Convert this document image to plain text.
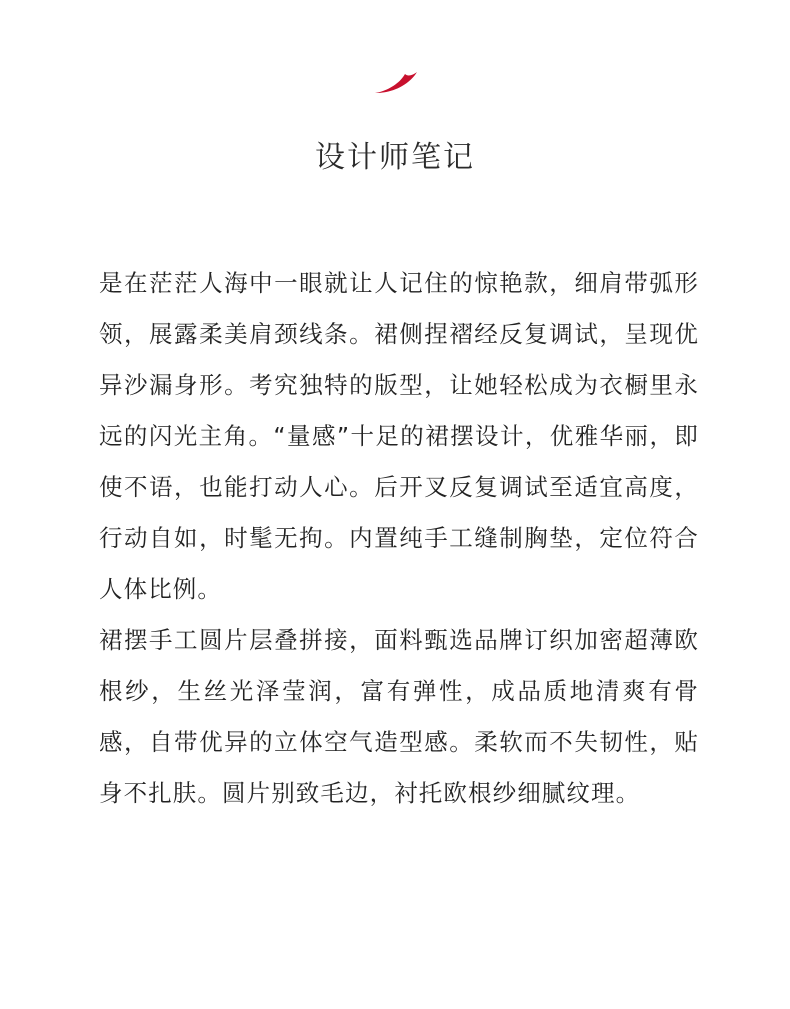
设计师笔记

是在茫茫人海中一眼就让人记住的惊艳款，细肩带弧形领，展露柔美肩颈线条。裙侧捏褶经反复调试，呈现优异沙漏身形。考究独特的版型，让她轻松成为衣橱里永远的闪光主角。“量感”十足的裙摆设计，优雅华丽，即使不语，也能打动人心。后开叉反复调试至适宜高度，行动自如，时髦无拘。内置纯手工缝制胸垫，定位符合人体比例。

裙摆手工圆片层叠拼接，面料甄选品牌订织加密超薄欧根纱，生丝光泽莹润，富有弹性，成品质地清爽有骨感，自带优异的立体空气造型感。柔软而不失韧性，贴身不扎肤。圆片别致毛边，衬托欧根纱细腻纹理。
